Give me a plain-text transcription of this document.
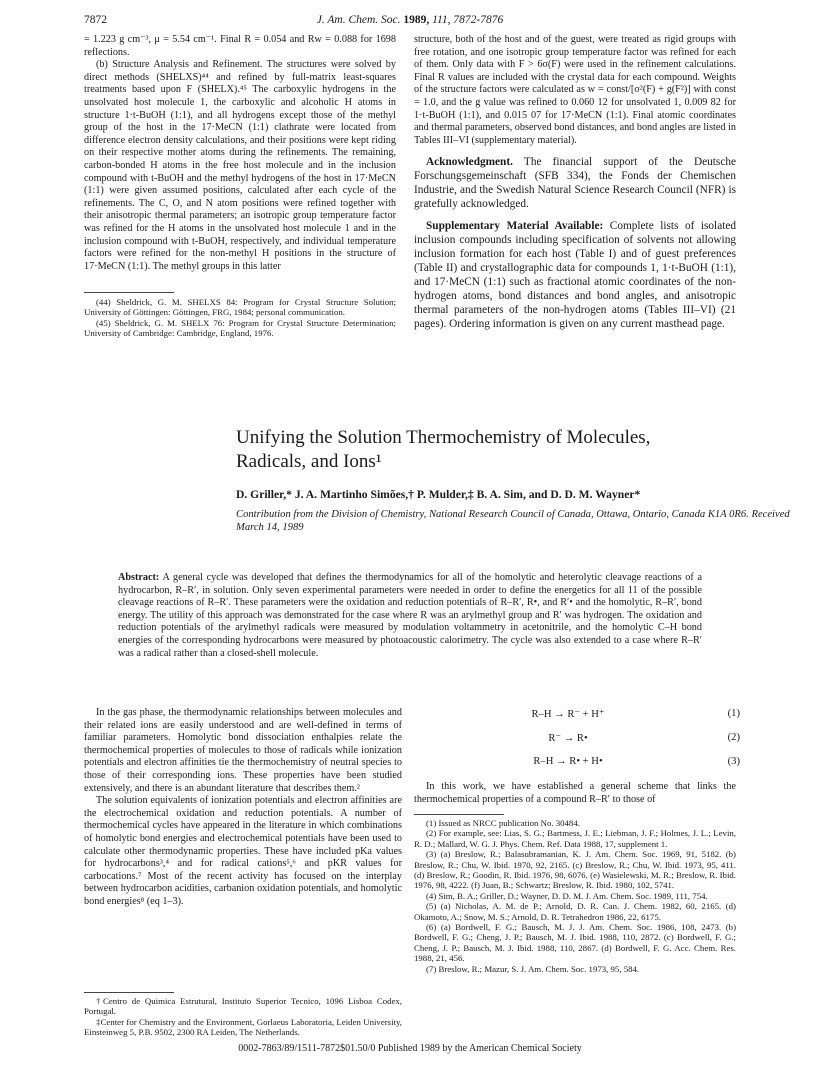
7872	J. Am. Chem. Soc. 1989, 111, 7872-7876

= 1.223 g cm⁻³, μ = 5.54 cm⁻¹. Final R = 0.054 and Rw = 0.088 for 1698 reflections.

(b) Structure Analysis and Refinement. The structures were solved by direct methods (SHELXS)⁴⁴ and refined by full-matrix least-squares treatments based upon F (SHELX).⁴⁵ The carboxylic hydrogens in the unsolvated host molecule 1, the carboxylic and alcoholic H atoms in structure 1·t-BuOH (1:1), and all hydrogens except those of the methyl group of the host in the 17·MeCN (1:1) clathrate were located from difference electron density calculations, and their positions were kept riding on their respective mother atoms during the refinements. The remaining, carbon-bonded H atoms in the free host molecule and in the inclusion compound with t-BuOH and the methyl hydrogens of the host in 17·MeCN (1:1) were given assumed positions, calculated after each cycle of the refinements. The C, O, and N atom positions were refined together with their anisotropic thermal parameters; an isotropic group temperature factor was refined for the H atoms in the unsolvated host molecule 1 and in the inclusion compound with t-BuOH, respectively, and individual temperature factors were refined for the non-methyl H positions in the structure of 17·MeCN (1:1). The methyl groups in this latter

(44) Sheldrick, G. M. SHELXS 84: Program for Crystal Structure Solution; University of Göttingen: Göttingen, FRG, 1984; personal communication.

(45) Sheldrick, G. M. SHELX 76: Program for Crystal Structure Determination; University of Cambridge: Cambridge, England, 1976.

structure, both of the host and of the guest, were treated as rigid groups with free rotation, and one isotropic group temperature factor was refined for each of them. Only data with F > 6σ(F) were used in the refinement calculations. Final R values are included with the crystal data for each compound. Weights of the structure factors were calculated as w = const/[σ²(F) + g(F²)] with const = 1.0, and the g value was refined to 0.060 12 for unsolvated 1, 0.009 82 for 1·t-BuOH (1:1), and 0.015 07 for 17·MeCN (1:1). Final atomic coordinates and thermal parameters, observed bond distances, and bond angles are listed in Tables III–VI (supplementary material).

Acknowledgment. The financial support of the Deutsche Forschungsgemeinschaft (SFB 334), the Fonds der Chemischen Industrie, and the Swedish Natural Science Research Council (NFR) is gratefully acknowledged.

Supplementary Material Available: Complete lists of isolated inclusion compounds including specification of solvents not allowing inclusion formation for each host (Table I) and of guest preferences (Table II) and crystallographic data for compounds 1, 1·t-BuOH (1:1), and 17·MeCN (1:1) such as fractional atomic coordinates of the non-hydrogen atoms, bond distances and bond angles, and anisotropic thermal parameters of the non-hydrogen atoms (Tables III–VI) (21 pages). Ordering information is given on any current masthead page.

Unifying the Solution Thermochemistry of Molecules,
Radicals, and Ions¹
D. Griller,* J. A. Martinho Simões,† P. Mulder,‡ B. A. Sim, and D. D. M. Wayner*
Contribution from the Division of Chemistry, National Research Council of Canada, Ottawa, Ontario, Canada K1A 0R6. Received March 14, 1989
Abstract: A general cycle was developed that defines the thermodynamics for all of the homolytic and heterolytic cleavage reactions of a hydrocarbon, R–R′, in solution. Only seven experimental parameters were needed in order to define the energetics for all 11 of the possible cleavage reactions of R–R′. These parameters were the oxidation and reduction potentials of R–R′, R•, and R′• and the homolytic, R–R′, bond energy. The utility of this approach was demonstrated for the case where R was an arylmethyl group and R′ was hydrogen. The oxidation and reduction potentials of the arylmethyl radicals were measured by modulation voltammetry in acetonitrile, and the homolytic C–H bond energies of the corresponding hydrocarbons were measured by photoacoustic calorimetry. The cycle was also extended to a case where R–R′ was a radical rather than a closed-shell molecule.

In the gas phase, the thermodynamic relationships between molecules and their related ions are easily understood and are well-defined in terms of familiar parameters. Homolytic bond dissociation enthalpies relate the thermochemical properties of molecules to those of radicals while ionization potentials and electron affinities tie the thermochemistry of neutral species to those of their corresponding ions. These properties have been studied extensively, and there is an abundant literature that describes them.²

The solution equivalents of ionization potentials and electron affinities are the electrochemical oxidation and reduction potentials. A number of thermochemical cycles have appeared in the literature in which combinations of homolytic bond energies and electrochemical potentials have been used to calculate other thermodynamic properties. These have included pKa values for hydrocarbons³,⁴ and for radical cations⁵,⁶ and pKR values for carbocations.⁷ Most of the recent activity has focused on the interplay between hydrocarbon acidities, carbanion oxidation potentials, and homolytic bond energies⁸ (eq 1–3).

†Centro de Quimica Estrutural, Instituto Superior Tecnico, 1096 Lisboa Codex, Portugal.

‡Center for Chemistry and the Environment, Gorlaeus Laboratoria, Leiden University, Einsteinweg 5, P.B. 9502, 2300 RA Leiden, The Netherlands.

R–H → R⁻ + H⁺	(1)
R⁻ → R•	(2)
R–H → R• + H•	(3)

In this work, we have established a general scheme that links the thermochemical properties of a compound R–R′ to those of

(1) Issued as NRCC publication No. 30484.

(2) For example, see: Lias, S. G.; Bartmess, J. E.; Liebman, J. F.; Holmes, J. L.; Levin, R. D.; Mallard, W. G. J. Phys. Chem. Ref. Data 1988, 17, supplement 1.

(3) (a) Breslow, R.; Balasubramanian, K. J. Am. Chem. Soc. 1969, 91, 5182. (b) Breslow, R.; Chu, W. Ibid. 1970, 92, 2165. (c) Breslow, R.; Chu, W. Ibid. 1973, 95, 411. (d) Breslow, R.; Goodin, R. Ibid. 1976, 98, 6076. (e) Wasielewski, M. R.; Breslow, R. Ibid. 1976, 98, 4222. (f) Juan, B.; Schwartz; Breslow, R. Ibid. 1980, 102, 5741.

(4) Sim, B. A.; Griller, D.; Wayner, D. D. M. J. Am. Chem. Soc. 1989, 111, 754.

(5) (a) Nicholas, A. M. de P.; Arnold, D. R. Can. J. Chem. 1982, 60, 2165. (d) Okamoto, A.; Snow, M. S.; Arnold, D. R. Tetrahedron 1986, 22, 6175.

(6) (a) Bordwell, F. G.; Bausch, M. J. J. Am. Chem. Soc. 1986, 108, 2473. (b) Bordwell, F. G.; Cheng, J. P.; Bausch, M. J. Ibid. 1988, 110, 2872. (c) Bordwell, F. G.; Cheng, J. P.; Bausch, M. J. Ibid. 1988, 110, 2867. (d) Bordwell, F. G. Acc. Chem. Res. 1988, 21, 456.

(7) Breslow, R.; Mazur, S. J. Am. Chem. Soc. 1973, 95, 584.

0002-7863/89/1511-7872$01.50/0 Published 1989 by the American Chemical Society
